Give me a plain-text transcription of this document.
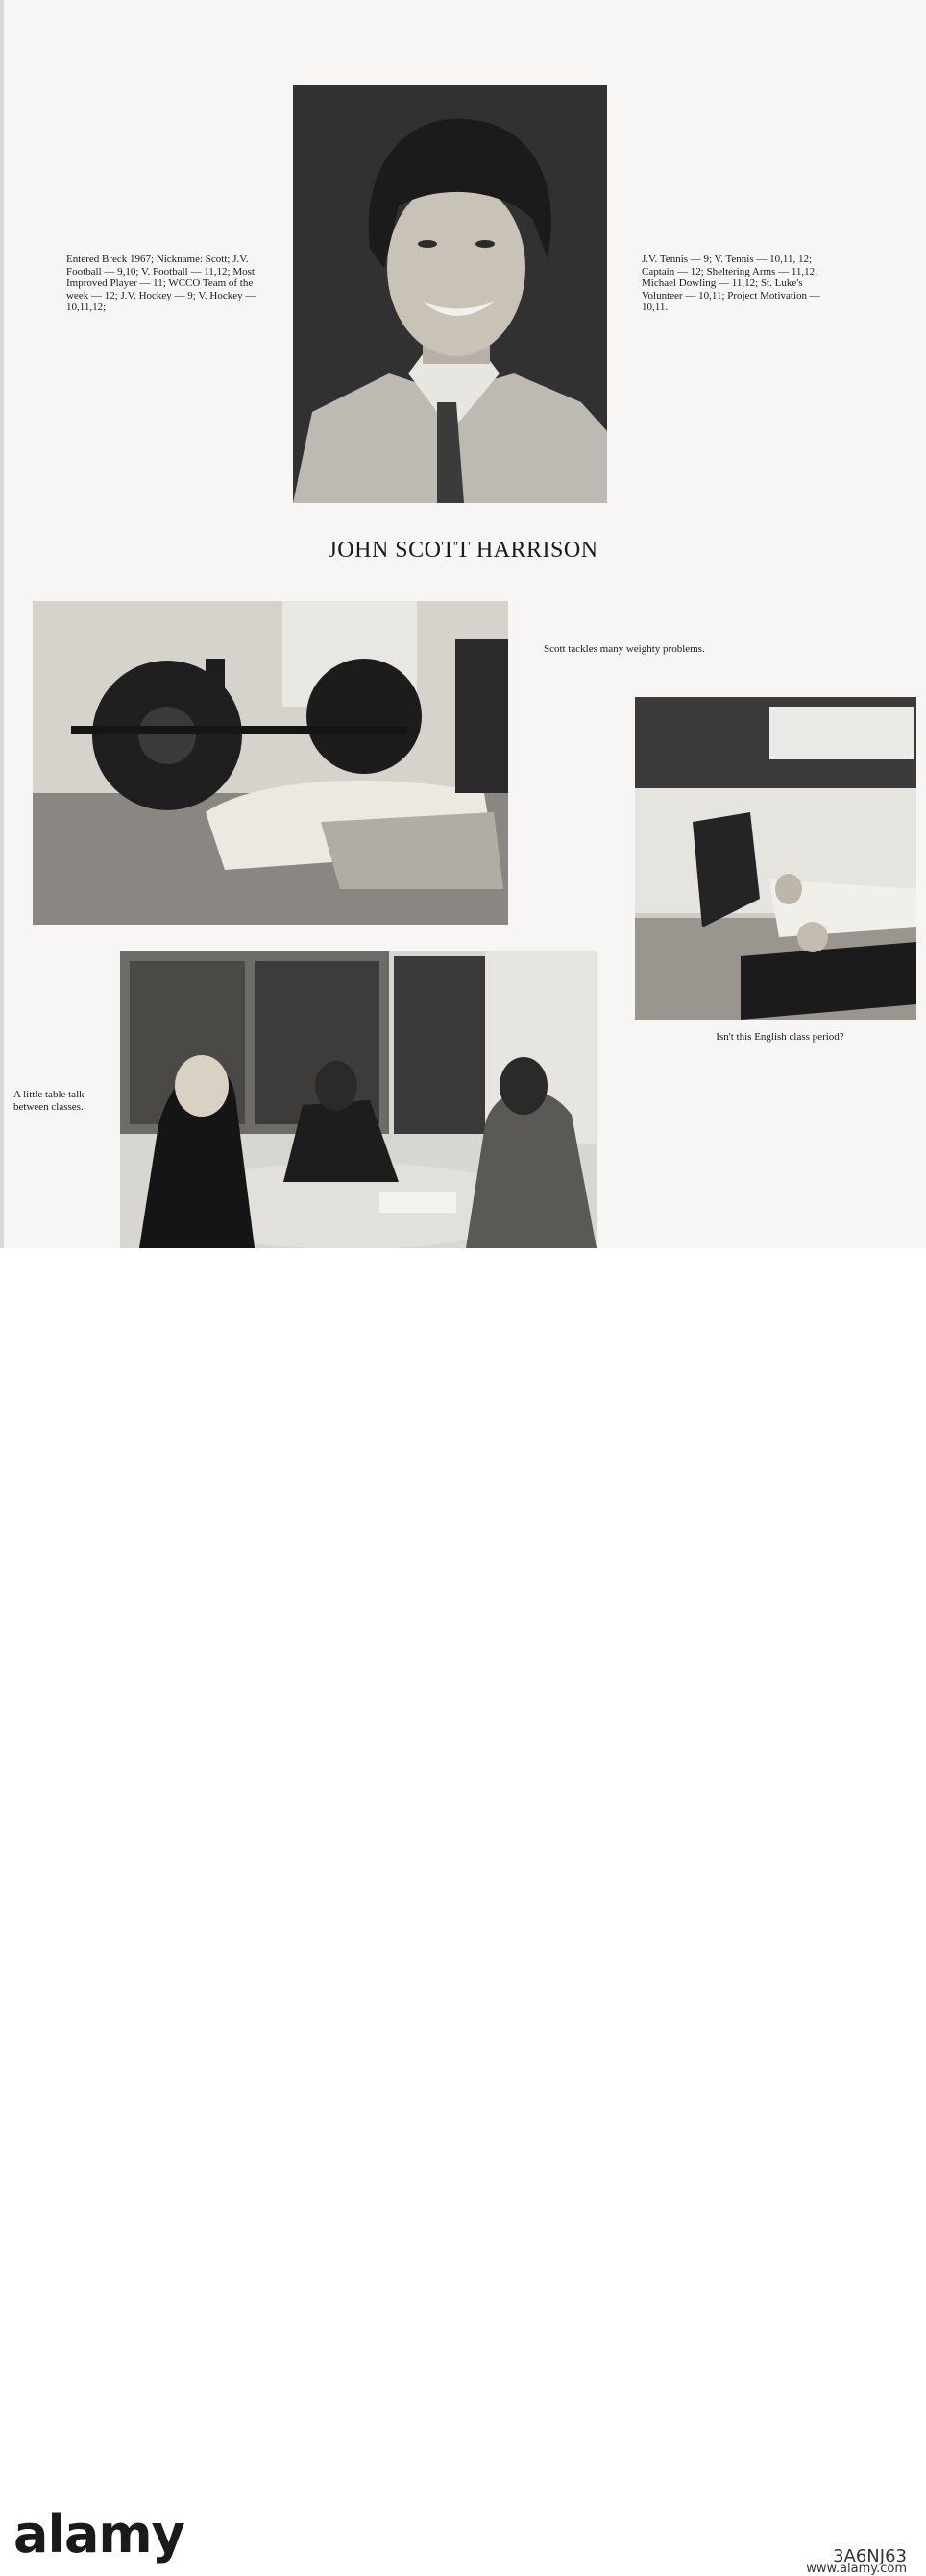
Entered Breck 1967; Nickname: Scott; J.V. Football — 9,10; V. Football — 11,12; Most Improved Player — 11; WCCO Team of the week — 12; J.V. Hockey — 9; V. Hockey — 10,11,12;
J.V. Tennis — 9; V. Tennis — 10,11, 12; Captain — 12; Sheltering Arms — 11,12; Michael Dowling — 11,12; St. Luke's Volunteer — 10,11; Project Motivation — 10,11.
JOHN SCOTT HARRISON
Scott tackles many weighty problems.
Isn't this English class period?
A little table talk between classes.
alamy	3A6NJ63
www.alamy.com
